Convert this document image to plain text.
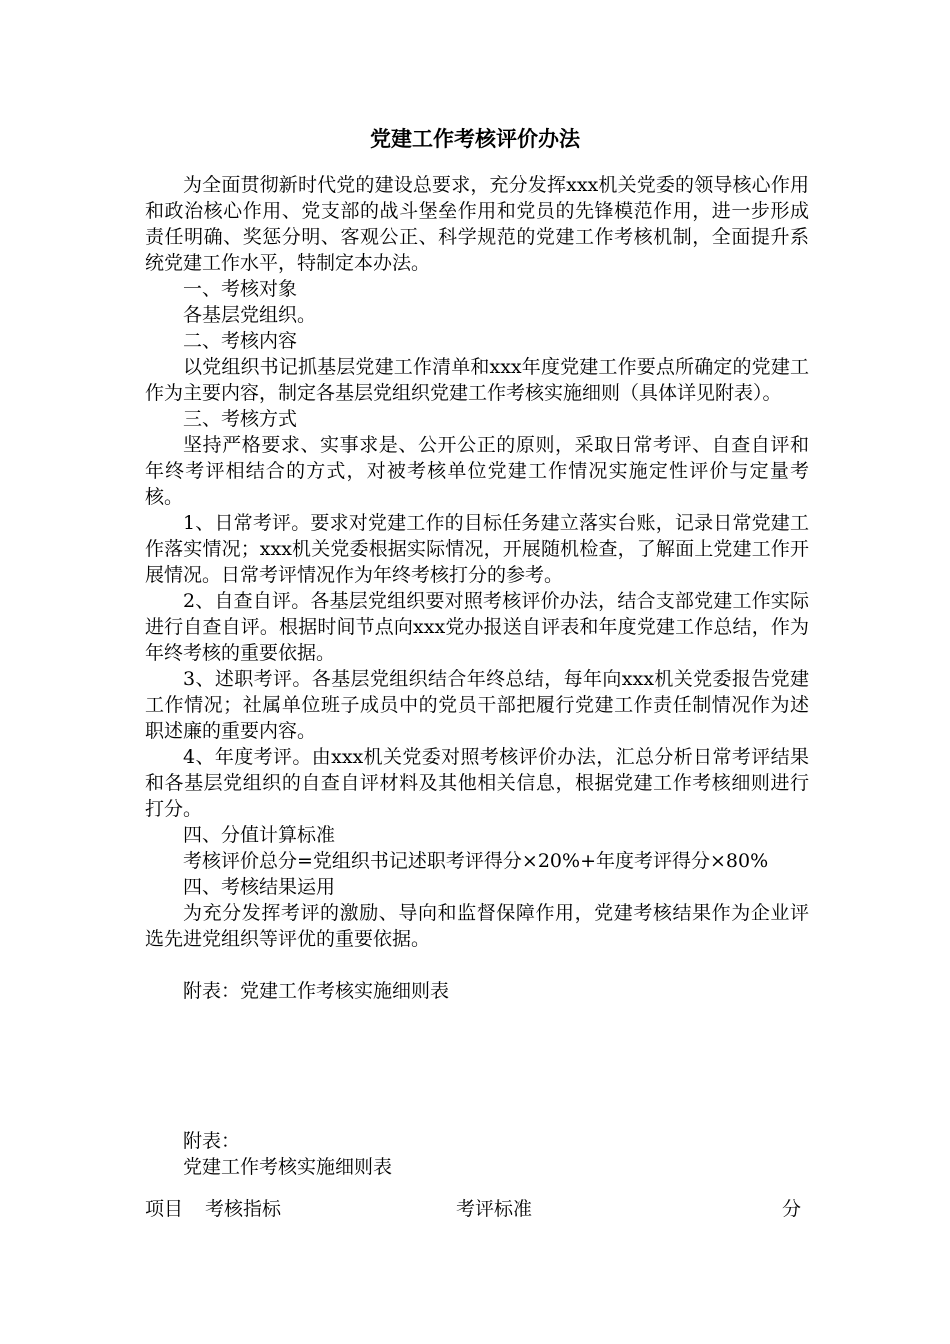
党建工作考核评价办法

为全面贯彻新时代党的建设总要求，充分发挥xxx机关党委的领导核心作用和政治核心作用、党支部的战斗堡垒作用和党员的先锋模范作用，进一步形成责任明确、奖惩分明、客观公正、科学规范的党建工作考核机制，全面提升系统党建工作水平，特制定本办法。

一、考核对象

各基层党组织。

二、考核内容

以党组织书记抓基层党建工作清单和xxx年度党建工作要点所确定的党建工作为主要内容，制定各基层党组织党建工作考核实施细则（具体详见附表）。

三、考核方式

坚持严格要求、实事求是、公开公正的原则，采取日常考评、自查自评和年终考评相结合的方式，对被考核单位党建工作情况实施定性评价与定量考核。

1、日常考评。要求对党建工作的目标任务建立落实台账，记录日常党建工作落实情况；xxx机关党委根据实际情况，开展随机检查，了解面上党建工作开展情况。日常考评情况作为年终考核打分的参考。

2、自查自评。各基层党组织要对照考核评价办法，结合支部党建工作实际进行自查自评。根据时间节点向xxx党办报送自评表和年度党建工作总结，作为年终考核的重要依据。

3、述职考评。各基层党组织结合年终总结，每年向xxx机关党委报告党建工作情况；社属单位班子成员中的党员干部把履行党建工作责任制情况作为述职述廉的重要内容。

4、年度考评。由xxx机关党委对照考核评价办法，汇总分析日常考评结果和各基层党组织的自查自评材料及其他相关信息，根据党建工作考核细则进行打分。

四、分值计算标准

考核评价总分=党组织书记述职考评得分×20%+年度考评得分×80%

四、考核结果运用

为充分发挥考评的激励、导向和监督保障作用，党建考核结果作为企业评选先进党组织等评优的重要依据。

附表：党建工作考核实施细则表

附表：

党建工作考核实施细则表

项目 考核指标	考评标准	分
